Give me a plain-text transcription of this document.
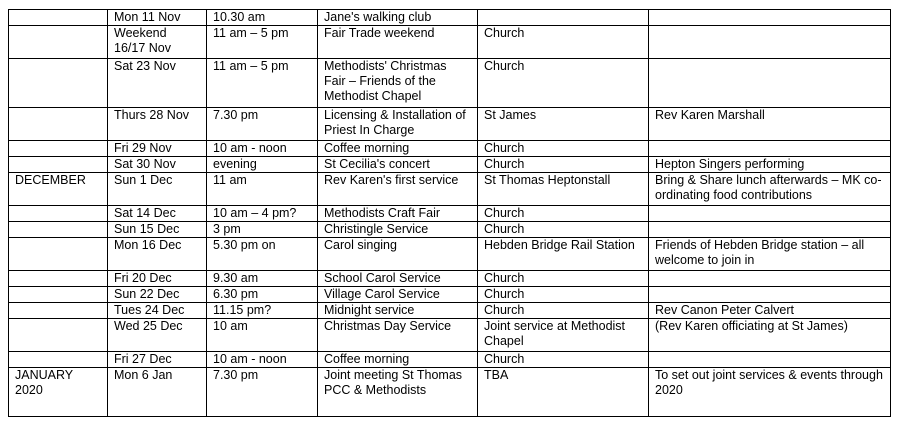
	Mon 11 Nov	10.30 am	Jane's walking club		
	Weekend 16/17 Nov	11 am – 5 pm	Fair Trade weekend	Church	
	Sat 23 Nov	11 am – 5 pm	Methodists' Christmas Fair – Friends of the Methodist Chapel	Church	
	Thurs 28 Nov	7.30 pm	Licensing & Installation of Priest In Charge	St James	Rev Karen Marshall
	Fri 29 Nov	10 am - noon	Coffee morning	Church	
	Sat 30 Nov	evening	St Cecilia's concert	Church	Hepton Singers performing
DECEMBER	Sun 1 Dec	11 am	Rev Karen's first service	St Thomas Heptonstall	Bring & Share lunch afterwards – MK co-ordinating food contributions
	Sat 14 Dec	10 am – 4 pm?	Methodists Craft Fair	Church	
	Sun 15 Dec	3 pm	Christingle Service	Church	
	Mon 16 Dec	5.30 pm on	Carol singing	Hebden Bridge Rail Station	Friends of Hebden Bridge station – all welcome to join in
	Fri 20 Dec	9.30 am	School Carol Service	Church	
	Sun 22 Dec	6.30 pm	Village Carol Service	Church	
	Tues 24 Dec	11.15 pm?	Midnight service	Church	Rev Canon Peter Calvert
	Wed 25 Dec	10 am	Christmas Day Service	Joint service at Methodist Chapel	(Rev Karen officiating at St James)
	Fri 27 Dec	10 am - noon	Coffee morning	Church	
JANUARY 2020	Mon 6 Jan	7.30 pm	Joint meeting St Thomas PCC & Methodists	TBA	To set out joint services & events through 2020
